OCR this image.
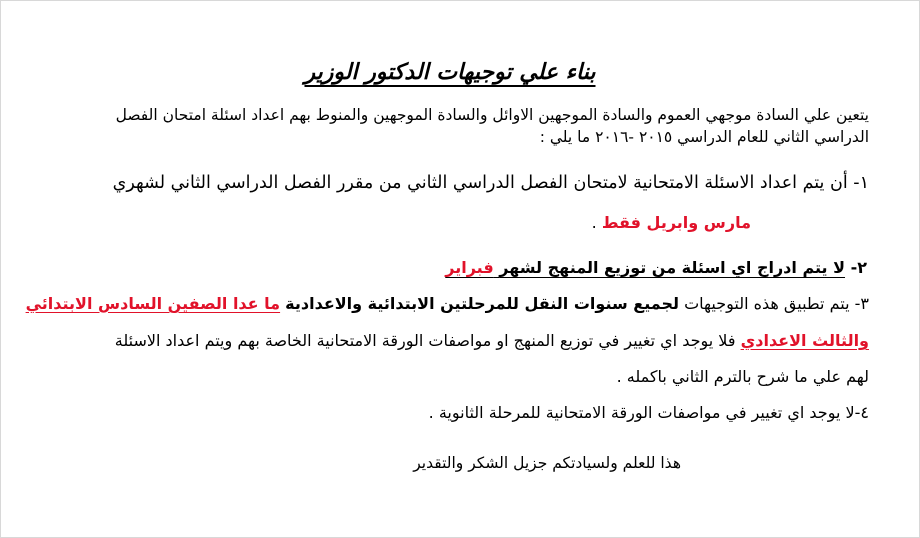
بناء علي توجيهات الدكتور الوزير
يتعين علي السادة موجهي العموم والسادة الموجهين الاوائل والسادة الموجهين والمنوط بهم اعداد اسئلة امتحان الفصل
الدراسي الثاني للعام الدراسي ٢٠١٥ -٢٠١٦ ما يلي :
١- أن يتم اعداد الاسئلة الامتحانية لامتحان الفصل الدراسي الثاني من مقرر الفصل الدراسي الثاني لشهري
مارس وابريل فقط .
٢- لا يتم ادراج اي اسئلة من توزيع المنهج لشهر فبراير
٣- يتم تطبيق هذه التوجيهات لجميع سنوات النقل للمرحلتين الابتدائية والاعدادية ما عدا الصفين السادس الابتدائي
والثالث الاعدادي فلا يوجد اي تغيير في توزيع المنهج او مواصفات الورقة الامتحانية الخاصة بهم ويتم اعداد الاسئلة
لهم علي ما شرح بالترم الثاني باكمله .
٤-لا يوجد اي تغيير في مواصفات الورقة الامتحانية للمرحلة الثانوية .
هذا للعلم ولسيادتكم جزيل الشكر والتقدير
